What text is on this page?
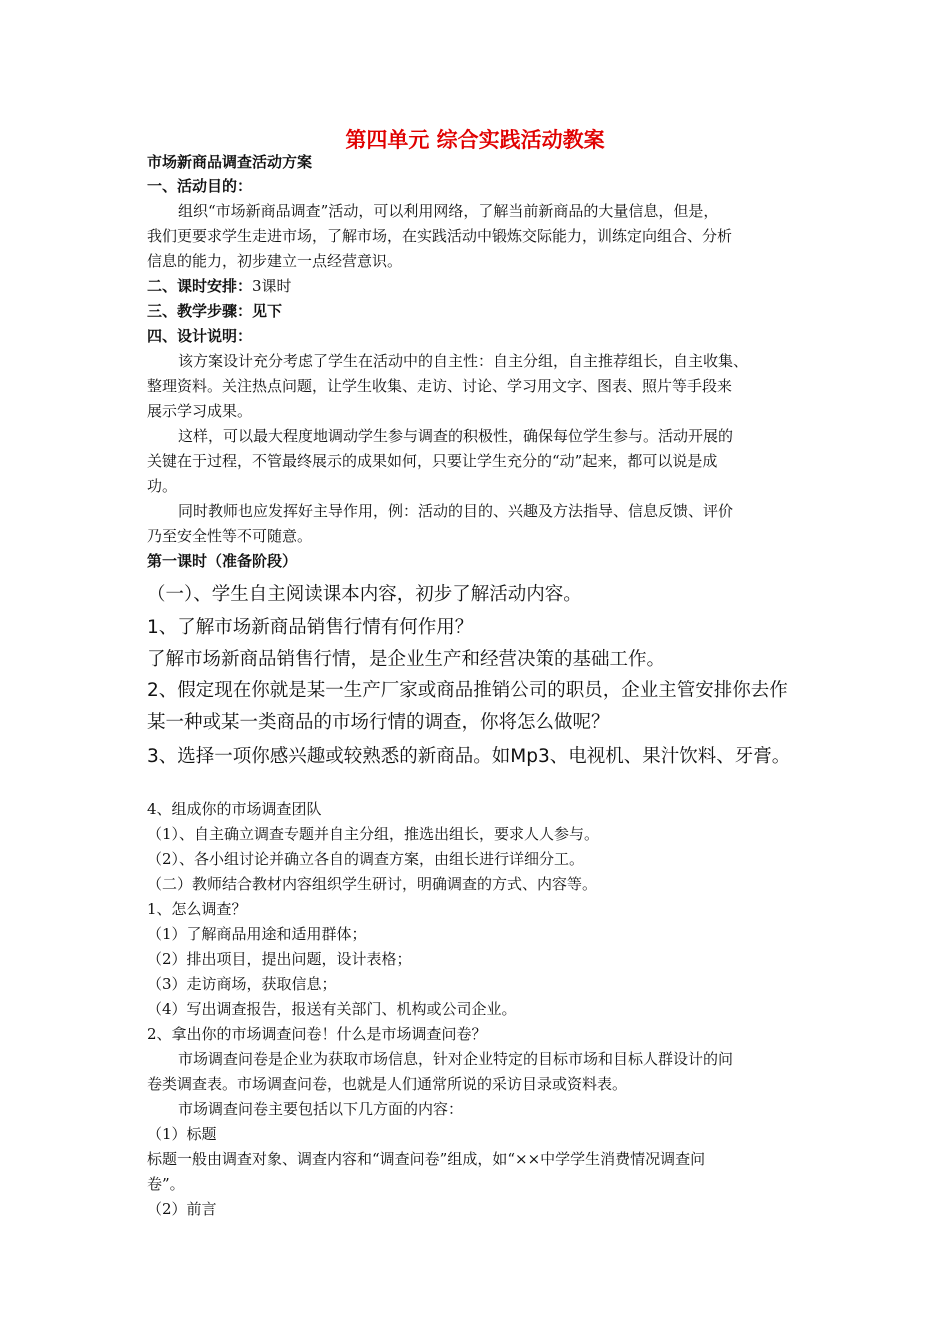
第四单元 综合实践活动教案
市场新商品调查活动方案
一、活动目的：
组织“市场新商品调查”活动，可以利用网络，了解当前新商品的大量信息，但是，
我们更要求学生走进市场，了解市场，在实践活动中锻炼交际能力，训练定向组合、分析
信息的能力，初步建立一点经营意识。
二、课时安排：3课时
三、教学步骤：见下
四、设计说明：
该方案设计充分考虑了学生在活动中的自主性：自主分组，自主推荐组长，自主收集、
整理资料。关注热点问题，让学生收集、走访、讨论、学习用文字、图表、照片等手段来
展示学习成果。
这样，可以最大程度地调动学生参与调查的积极性，确保每位学生参与。活动开展的
关键在于过程，不管最终展示的成果如何，只要让学生充分的“动”起来，都可以说是成
功。
同时教师也应发挥好主导作用，例：活动的目的、兴趣及方法指导、信息反馈、评价
乃至安全性等不可随意。
第一课时（准备阶段）
（一）、学生自主阅读课本内容，初步了解活动内容。
1、了解市场新商品销售行情有何作用？
了解市场新商品销售行情，是企业生产和经营决策的基础工作。
2、假定现在你就是某一生产厂家或商品推销公司的职员，企业主管安排你去作
某一种或某一类商品的市场行情的调查，你将怎么做呢？
3、选择一项你感兴趣或较熟悉的新商品。如Mp3、电视机、果汁饮料、牙膏。
4、组成你的市场调查团队
（1）、自主确立调查专题并自主分组，推选出组长，要求人人参与。
（2）、各小组讨论并确立各自的调查方案，由组长进行详细分工。
（二）教师结合教材内容组织学生研讨，明确调查的方式、内容等。
1、怎么调查？
（1）了解商品用途和适用群体；
（2）排出项目，提出问题，设计表格；
（3）走访商场，获取信息；
（4）写出调查报告，报送有关部门、机构或公司企业。
2、拿出你的市场调查问卷！什么是市场调查问卷？
市场调查问卷是企业为获取市场信息，针对企业特定的目标市场和目标人群设计的问
卷类调查表。市场调查问卷，也就是人们通常所说的采访目录或资料表。
市场调查问卷主要包括以下几方面的内容：
（1）标题
标题一般由调查对象、调查内容和“调查问卷”组成，如“××中学学生消费情况调查问
卷”。
（2）前言
